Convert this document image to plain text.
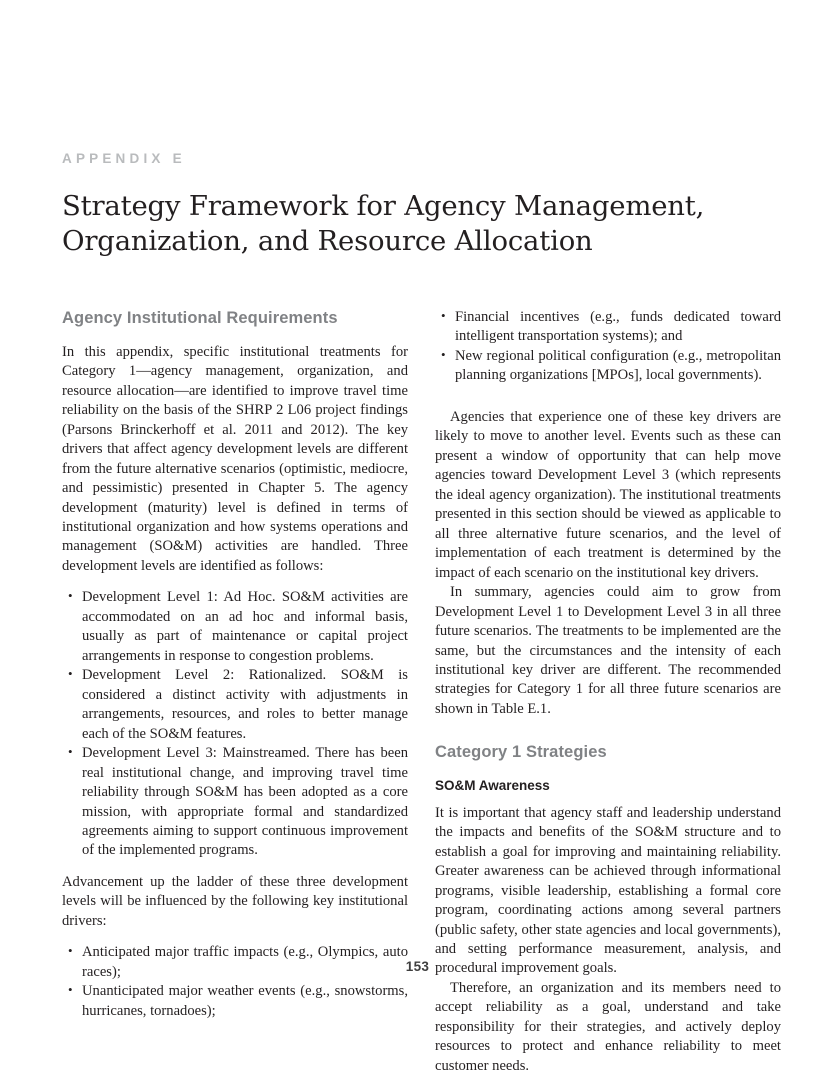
APPENDIX E
Strategy Framework for Agency Management,
Organization, and Resource Allocation
Agency Institutional Requirements

In this appendix, specific institutional treatments for Category 1—agency management, organization, and resource allocation—are identified to improve travel time reliability on the basis of the SHRP 2 L06 project findings (Parsons Brinckerhoff et al. 2011 and 2012). The key drivers that affect agency development levels are different from the future alternative scenarios (optimistic, mediocre, and pessimistic) presented in Chapter 5. The agency development (maturity) level is defined in terms of institutional organization and how systems operations and management (SO&M) activities are handled. Three development levels are identified as follows:

• Development Level 1: Ad Hoc. SO&M activities are accommodated on an ad hoc and informal basis, usually as part of maintenance or capital project arrangements in response to congestion problems.
• Development Level 2: Rationalized. SO&M is considered a distinct activity with adjustments in arrangements, resources, and roles to better manage each of the SO&M features.
• Development Level 3: Mainstreamed. There has been real institutional change, and improving travel time reliability through SO&M has been adopted as a core mission, with appropriate formal and standardized agreements aiming to support continuous improvement of the implemented programs.

Advancement up the ladder of these three development levels will be influenced by the following key institutional drivers:

• Anticipated major traffic impacts (e.g., Olympics, auto races);
• Unanticipated major weather events (e.g., snowstorms, hurricanes, tornadoes);
• Financial incentives (e.g., funds dedicated toward intelligent transportation systems); and
• New regional political configuration (e.g., metropolitan planning organizations [MPOs], local governments).

Agencies that experience one of these key drivers are likely to move to another level. Events such as these can present a window of opportunity that can help move agencies toward Development Level 3 (which represents the ideal agency organization). The institutional treatments presented in this section should be viewed as applicable to all three alternative future scenarios, and the level of implementation of each treatment is determined by the impact of each scenario on the institutional key drivers.

In summary, agencies could aim to grow from Development Level 1 to Development Level 3 in all three future scenarios. The treatments to be implemented are the same, but the circumstances and the intensity of each institutional key driver are different. The recommended strategies for Category 1 for all three future scenarios are shown in Table E.1.

Category 1 Strategies
SO&M Awareness

It is important that agency staff and leadership understand the impacts and benefits of the SO&M structure and to establish a goal for improving and maintaining reliability. Greater awareness can be achieved through informational programs, visible leadership, establishing a formal core program, coordinating actions among several partners (public safety, other state agencies and local governments), and setting performance measurement, analysis, and procedural improvement goals.

Therefore, an organization and its members need to accept reliability as a goal, understand and take responsibility for their strategies, and actively deploy resources to protect and enhance reliability to meet customer needs.

153
